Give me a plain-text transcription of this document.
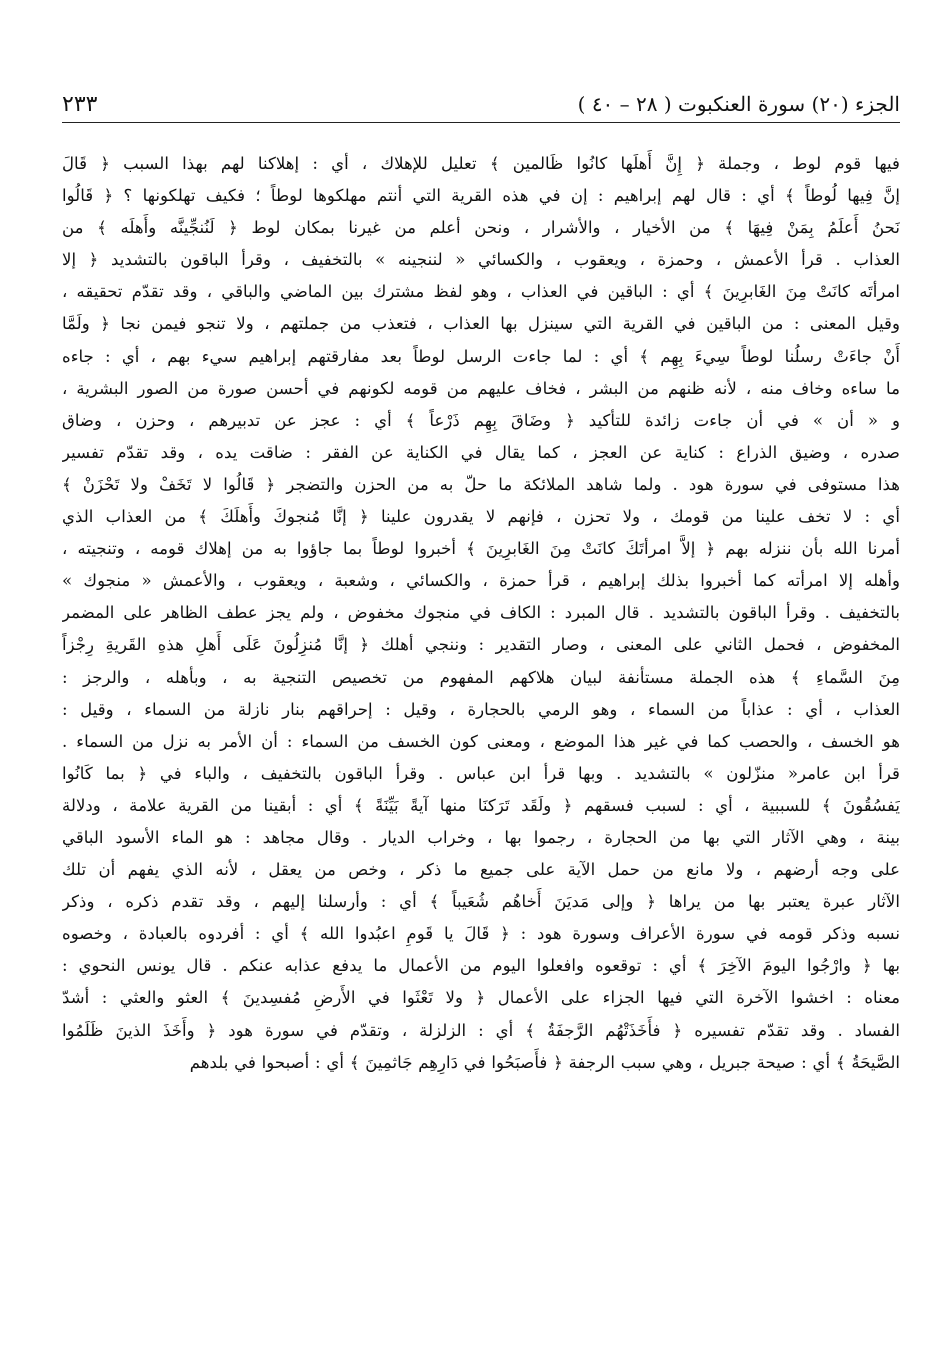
الجزء (٢٠) سورة العنكبوت ( ٢٨ – ٤٠ )
٢٣٣
فيها قوم لوط ، وجملة ﴿ إِنَّ أَهلَها كانُوا ظَالمين ﴾ تعليل للإهلاك ، أي : إهلاكنا لهم بهذا السبب ﴿ قَالَ
إنَّ فِيها لُوطاً ﴾ أي : قال لهم إبراهيم : إن في هذه القرية التي أنتم مهلكوها لوطاً ؛ فكيف تهلكونها ؟ ﴿ قَالُوا
نَحنُ أَعلَمُ بِمَنْ فِيهَا ﴾ من الأخيار ، والأشرار ، ونحن أعلم من غيرنا بمكان لوط ﴿ لَنُنجِّينَّه وأَهلَه ﴾ من
العذاب . قرأ الأعمش ، وحمزة ، ويعقوب ، والكسائي « لننجينه » بالتخفيف ، وقرأ الباقون بالتشديد ﴿ إلا
امرأتَه كانَتْ مِنَ الغَابرِينَ ﴾ أي : الباقين في العذاب ، وهو لفظ مشترك بين الماضي والباقي ، وقد تقدّم تحقيقه ،
وقيل المعنى : من الباقين في القرية التي سينزل بها العذاب ، فتعذب من جملتهم ، ولا تنجو فيمن نجا ﴿ ولَمَّا
أَنْ جاءَتْ رسلُنا لوطاً سِيءَ بِهِم ﴾ أي : لما جاءت الرسل لوطاً بعد مفارقتهم إبراهيم سيء بهم ، أي : جاءه
ما ساءه وخاف منه ، لأنه ظنهم من البشر ، فخاف عليهم من قومه لكونهم في أحسن صورة من الصور البشرية ،
و « أن » في أن جاءت زائدة للتأكيد ﴿ وضَاقَ بِهِم ذَرْعاً ﴾ أي : عجز عن تدبيرهم ، وحزن ، وضاق
صدره ، وضيق الذراع : كناية عن العجز ، كما يقال في الكناية عن الفقر : ضاقت يده ، وقد تقدّم تفسير
هذا مستوفى في سورة هود . ولما شاهد الملائكة ما حلّ به من الحزن والتضجر ﴿ قَالُوا لا تَخَفْ ولا تَحْزَنْ ﴾
أي : لا تخف علينا من قومك ، ولا تحزن ، فإنهم لا يقدرون علينا ﴿ إنَّا مُنجوكَ وأَهلَكَ ﴾ من العذاب الذي
أمرنا الله بأن ننزله بهم ﴿ إلاَّ امرأتَكَ كانَتْ مِنَ الغَابرِينَ ﴾ أخبروا لوطاً بما جاؤوا به من إهلاك قومه ، وتنجيته ،
وأهله إلا امرأته كما أخبروا بذلك إبراهيم ، قرأ حمزة ، والكسائي ، وشعبة ، ويعقوب ، والأعمش « منجوك »
بالتخفيف . وقرأ الباقون بالتشديد . قال المبرد : الكاف في منجوك مخفوض ، ولم يجز عطف الظاهر على المضمر
المخفوض ، فحمل الثاني على المعنى ، وصار التقدير : وننجي أهلك ﴿ إنَّا مُنزِلُونَ عَلَى أَهلِ هذهِ القَريةِ رِجْزاً
مِنَ السَّماءِ ﴾ هذه الجملة مستأنفة لبيان هلاكهم المفهوم من تخصيص التنجية به ، وبأهله ، والرجز :
العذاب ، أي : عذاباً من السماء ، وهو الرمي بالحجارة ، وقيل : إحراقهم بنار نازلة من السماء ، وقيل :
هو الخسف ، والحصب كما في غير هذا الموضع ، ومعنى كون الخسف من السماء : أن الأمر به نزل من السماء .
قرأ ابن عامر« منزّلون » بالتشديد . وبها قرأ ابن عباس . وقرأ الباقون بالتخفيف ، والباء في ﴿ بما كَانُوا
يَفسُقُونَ ﴾ للسببية ، أي : لسبب فسقهم ﴿ ولَقَد تَرَكنَا منها آيةً بَيِّنَةً ﴾ أي : أبقينا من القرية علامة ، ودلالة
بينة ، وهي الآثار التي بها من الحجارة ، رجموا بها ، وخراب الديار . وقال مجاهد : هو الماء الأسود الباقي
على وجه أرضهم ، ولا مانع من حمل الآية على جميع ما ذكر ، وخص من يعقل ، لأنه الذي يفهم أن تلك
الآثار عبرة يعتبر بها من يراها ﴿ وإلى مَديَنَ أَخاهُم شُعَيباً ﴾ أي : وأرسلنا إليهم ، وقد تقدم ذكره ، وذكر
نسبه وذكر قومه في سورة الأعراف وسورة هود : ﴿ قَالَ يا قَومِ اعبُدوا الله ﴾ أي : أفردوه بالعبادة ، وخصوه
بها ﴿ وارْجُوا اليومَ الآخِرَ ﴾ أي : توقعوه وافعلوا اليوم من الأعمال ما يدفع عذابه عنكم . قال يونس النحوي :
معناه : اخشوا الآخرة التي فيها الجزاء على الأعمال ﴿ ولا تَعْثَوا في الأَرضِ مُفسِدينَ ﴾ العثو والعثي : أشدّ
الفساد . وقد تقدّم تفسيره ﴿ فأَخَذَتْهُم الرَّجفَةُ ﴾ أي : الزلزلة ، وتقدّم في سورة هود ﴿ وأَخَذَ الذينَ ظَلَمُوا
الصَّيحَةُ ﴾ أي : صيحة جبريل ، وهي سبب الرجفة ﴿ فأَصبَحُوا في دَارِهِم جَاثمِينَ ﴾ أي : أصبحوا في بلدهم
